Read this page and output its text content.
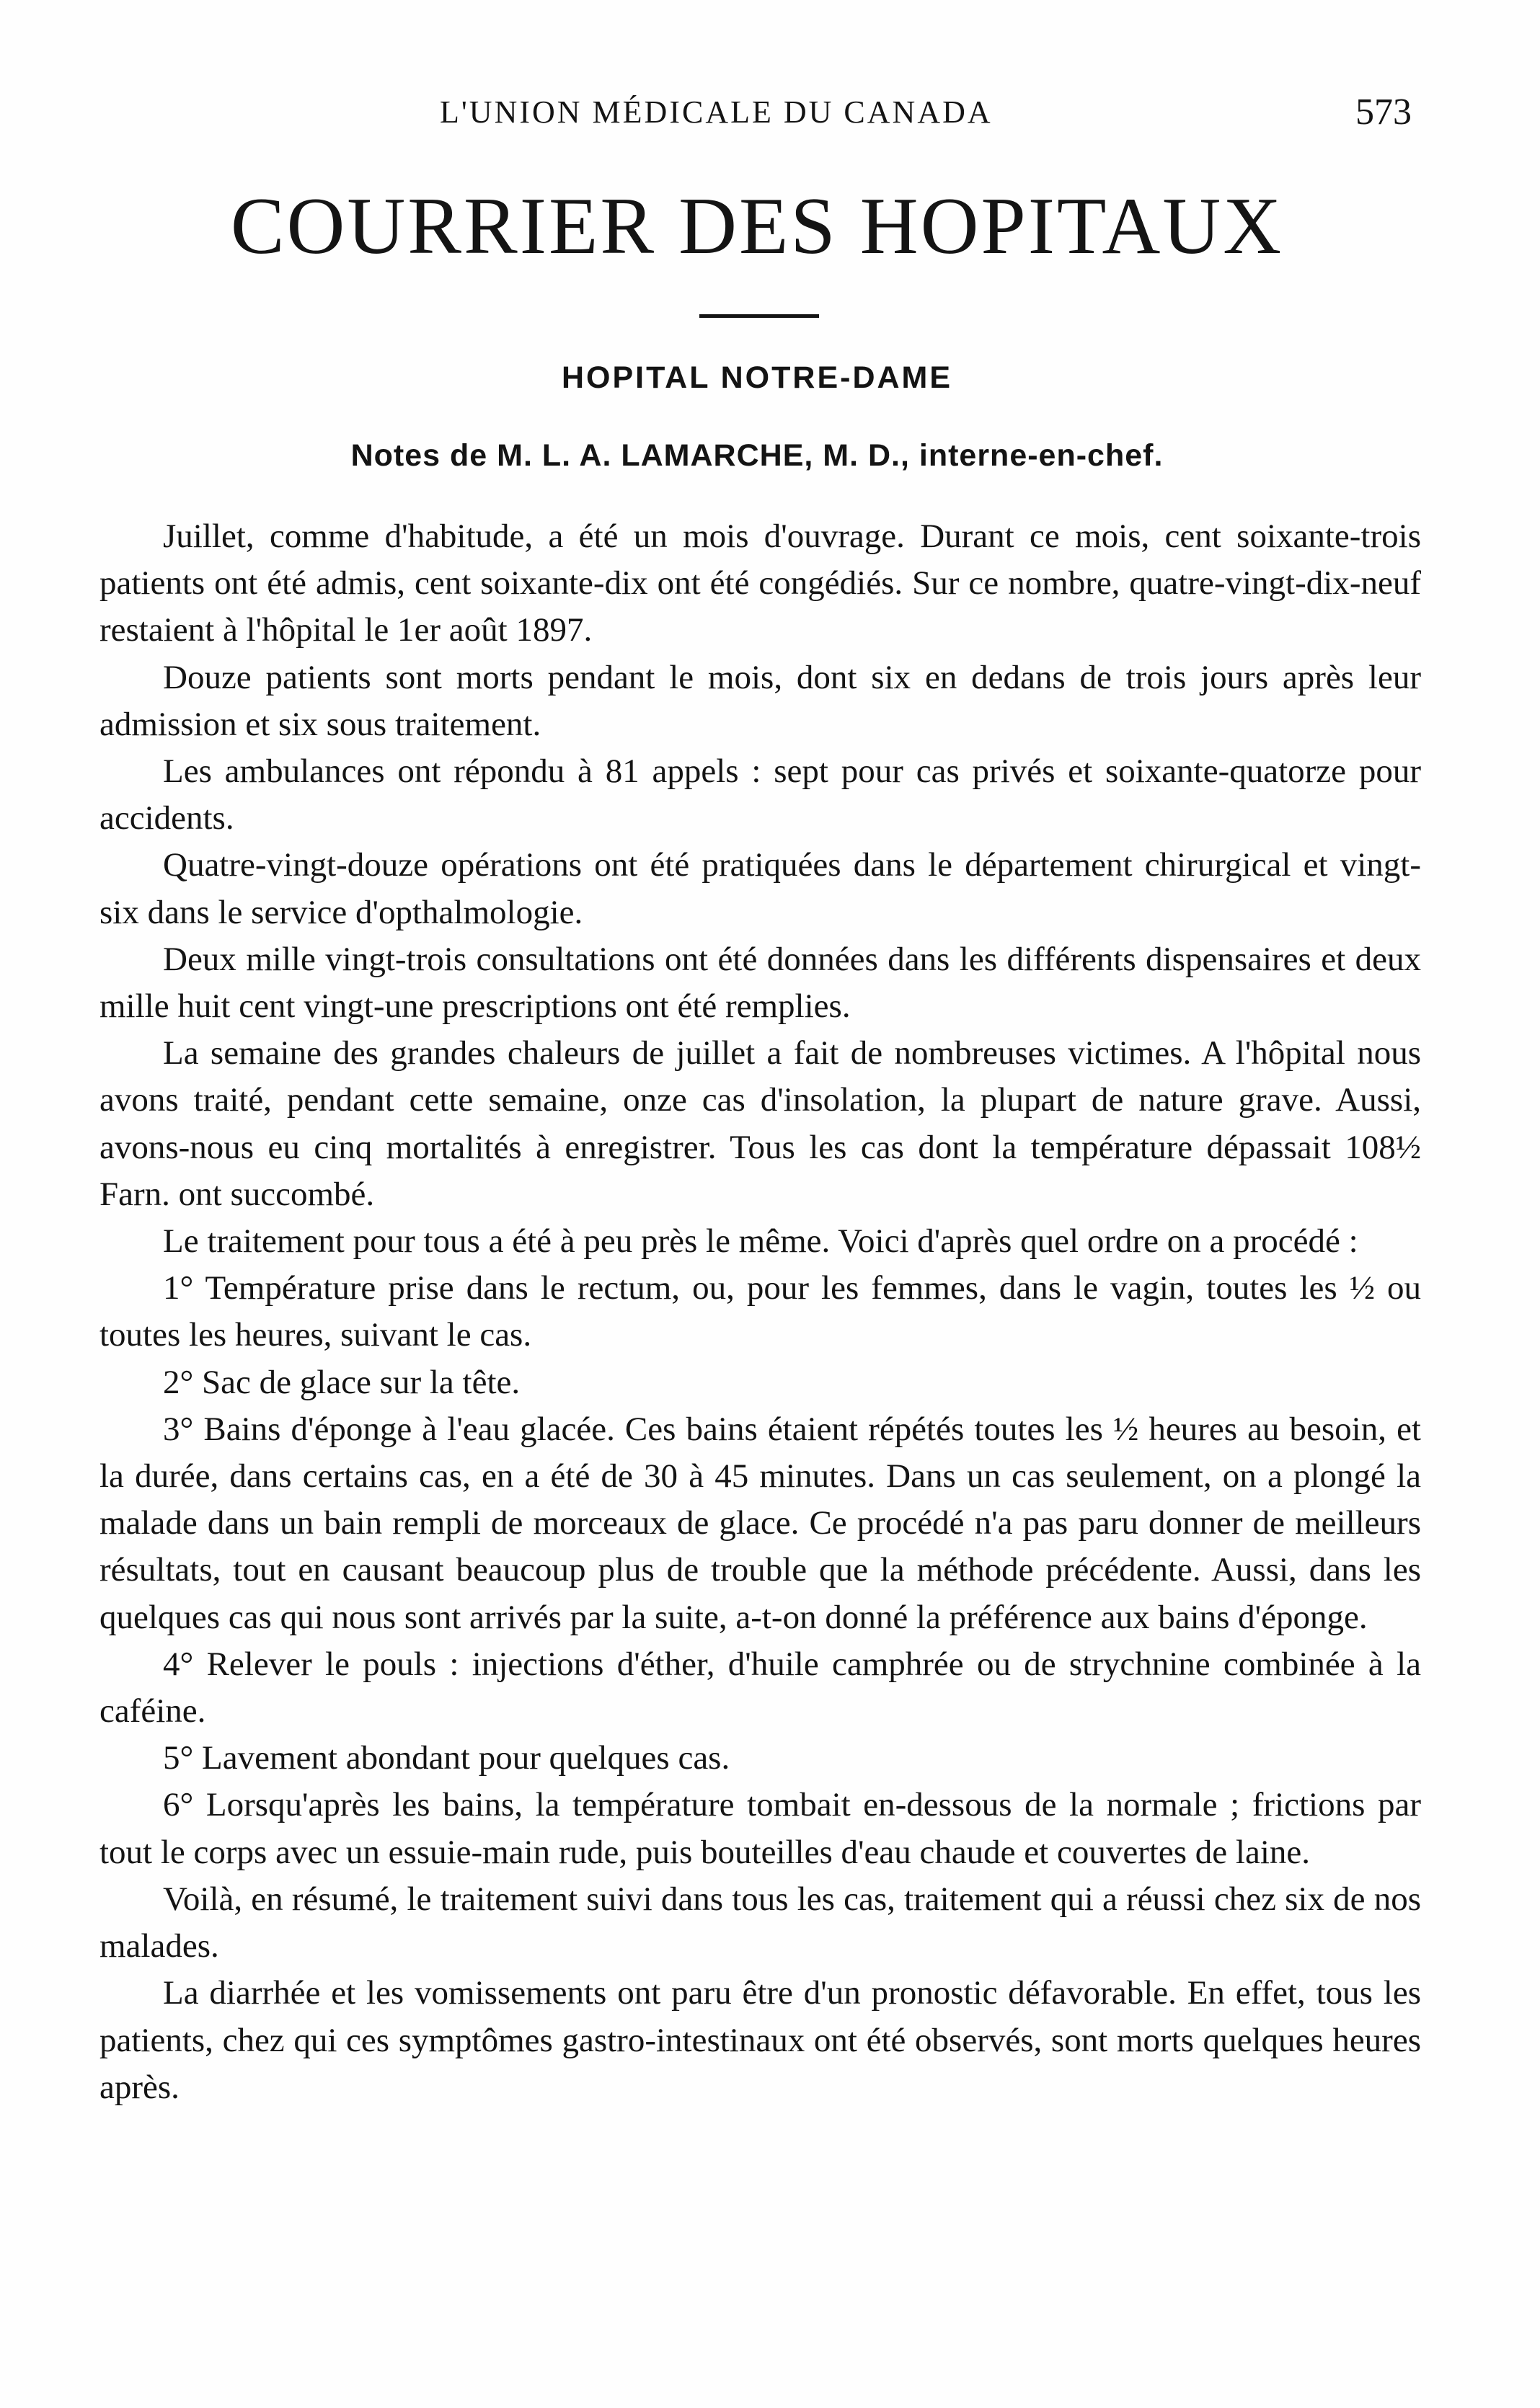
L'UNION MÉDICALE DU CANADA	573
COURRIER DES HOPITAUX
HOPITAL NOTRE-DAME
Notes de M. L. A. LAMARCHE, M. D., interne-en-chef.

Juillet, comme d'habitude, a été un mois d'ouvrage. Durant ce mois, cent soixante-trois patients ont été admis, cent soixante-dix ont été congédiés. Sur ce nombre, quatre-vingt-dix-neuf restaient à l'hôpital le 1er août 1897.

Douze patients sont morts pendant le mois, dont six en dedans de trois jours après leur admission et six sous traitement.

Les ambulances ont répondu à 81 appels : sept pour cas privés et soixante-quatorze pour accidents.

Quatre-vingt-douze opérations ont été pratiquées dans le département chirurgical et vingt-six dans le service d'opthalmologie.

Deux mille vingt-trois consultations ont été données dans les différents dispensaires et deux mille huit cent vingt-une prescriptions ont été remplies.

La semaine des grandes chaleurs de juillet a fait de nombreuses victimes. A l'hôpital nous avons traité, pendant cette semaine, onze cas d'insolation, la plupart de nature grave. Aussi, avons-nous eu cinq mortalités à enregistrer. Tous les cas dont la température dépassait 108½ Farn. ont succombé.

Le traitement pour tous a été à peu près le même. Voici d'après quel ordre on a procédé :

1° Température prise dans le rectum, ou, pour les femmes, dans le vagin, toutes les ½ ou toutes les heures, suivant le cas.

2° Sac de glace sur la tête.

3° Bains d'éponge à l'eau glacée. Ces bains étaient répétés toutes les ½ heures au besoin, et la durée, dans certains cas, en a été de 30 à 45 minutes. Dans un cas seulement, on a plongé la malade dans un bain rempli de morceaux de glace. Ce procédé n'a pas paru donner de meilleurs résultats, tout en causant beaucoup plus de trouble que la méthode précédente. Aussi, dans les quelques cas qui nous sont arrivés par la suite, a-t-on donné la préférence aux bains d'éponge.

4° Relever le pouls : injections d'éther, d'huile camphrée ou de strychnine combinée à la caféine.

5° Lavement abondant pour quelques cas.

6° Lorsqu'après les bains, la température tombait en-dessous de la normale ; frictions par tout le corps avec un essuie-main rude, puis bouteilles d'eau chaude et couvertes de laine.

Voilà, en résumé, le traitement suivi dans tous les cas, traitement qui a réussi chez six de nos malades.

La diarrhée et les vomissements ont paru être d'un pronostic défavorable. En effet, tous les patients, chez qui ces symptômes gastro-intestinaux ont été observés, sont morts quelques heures après.
